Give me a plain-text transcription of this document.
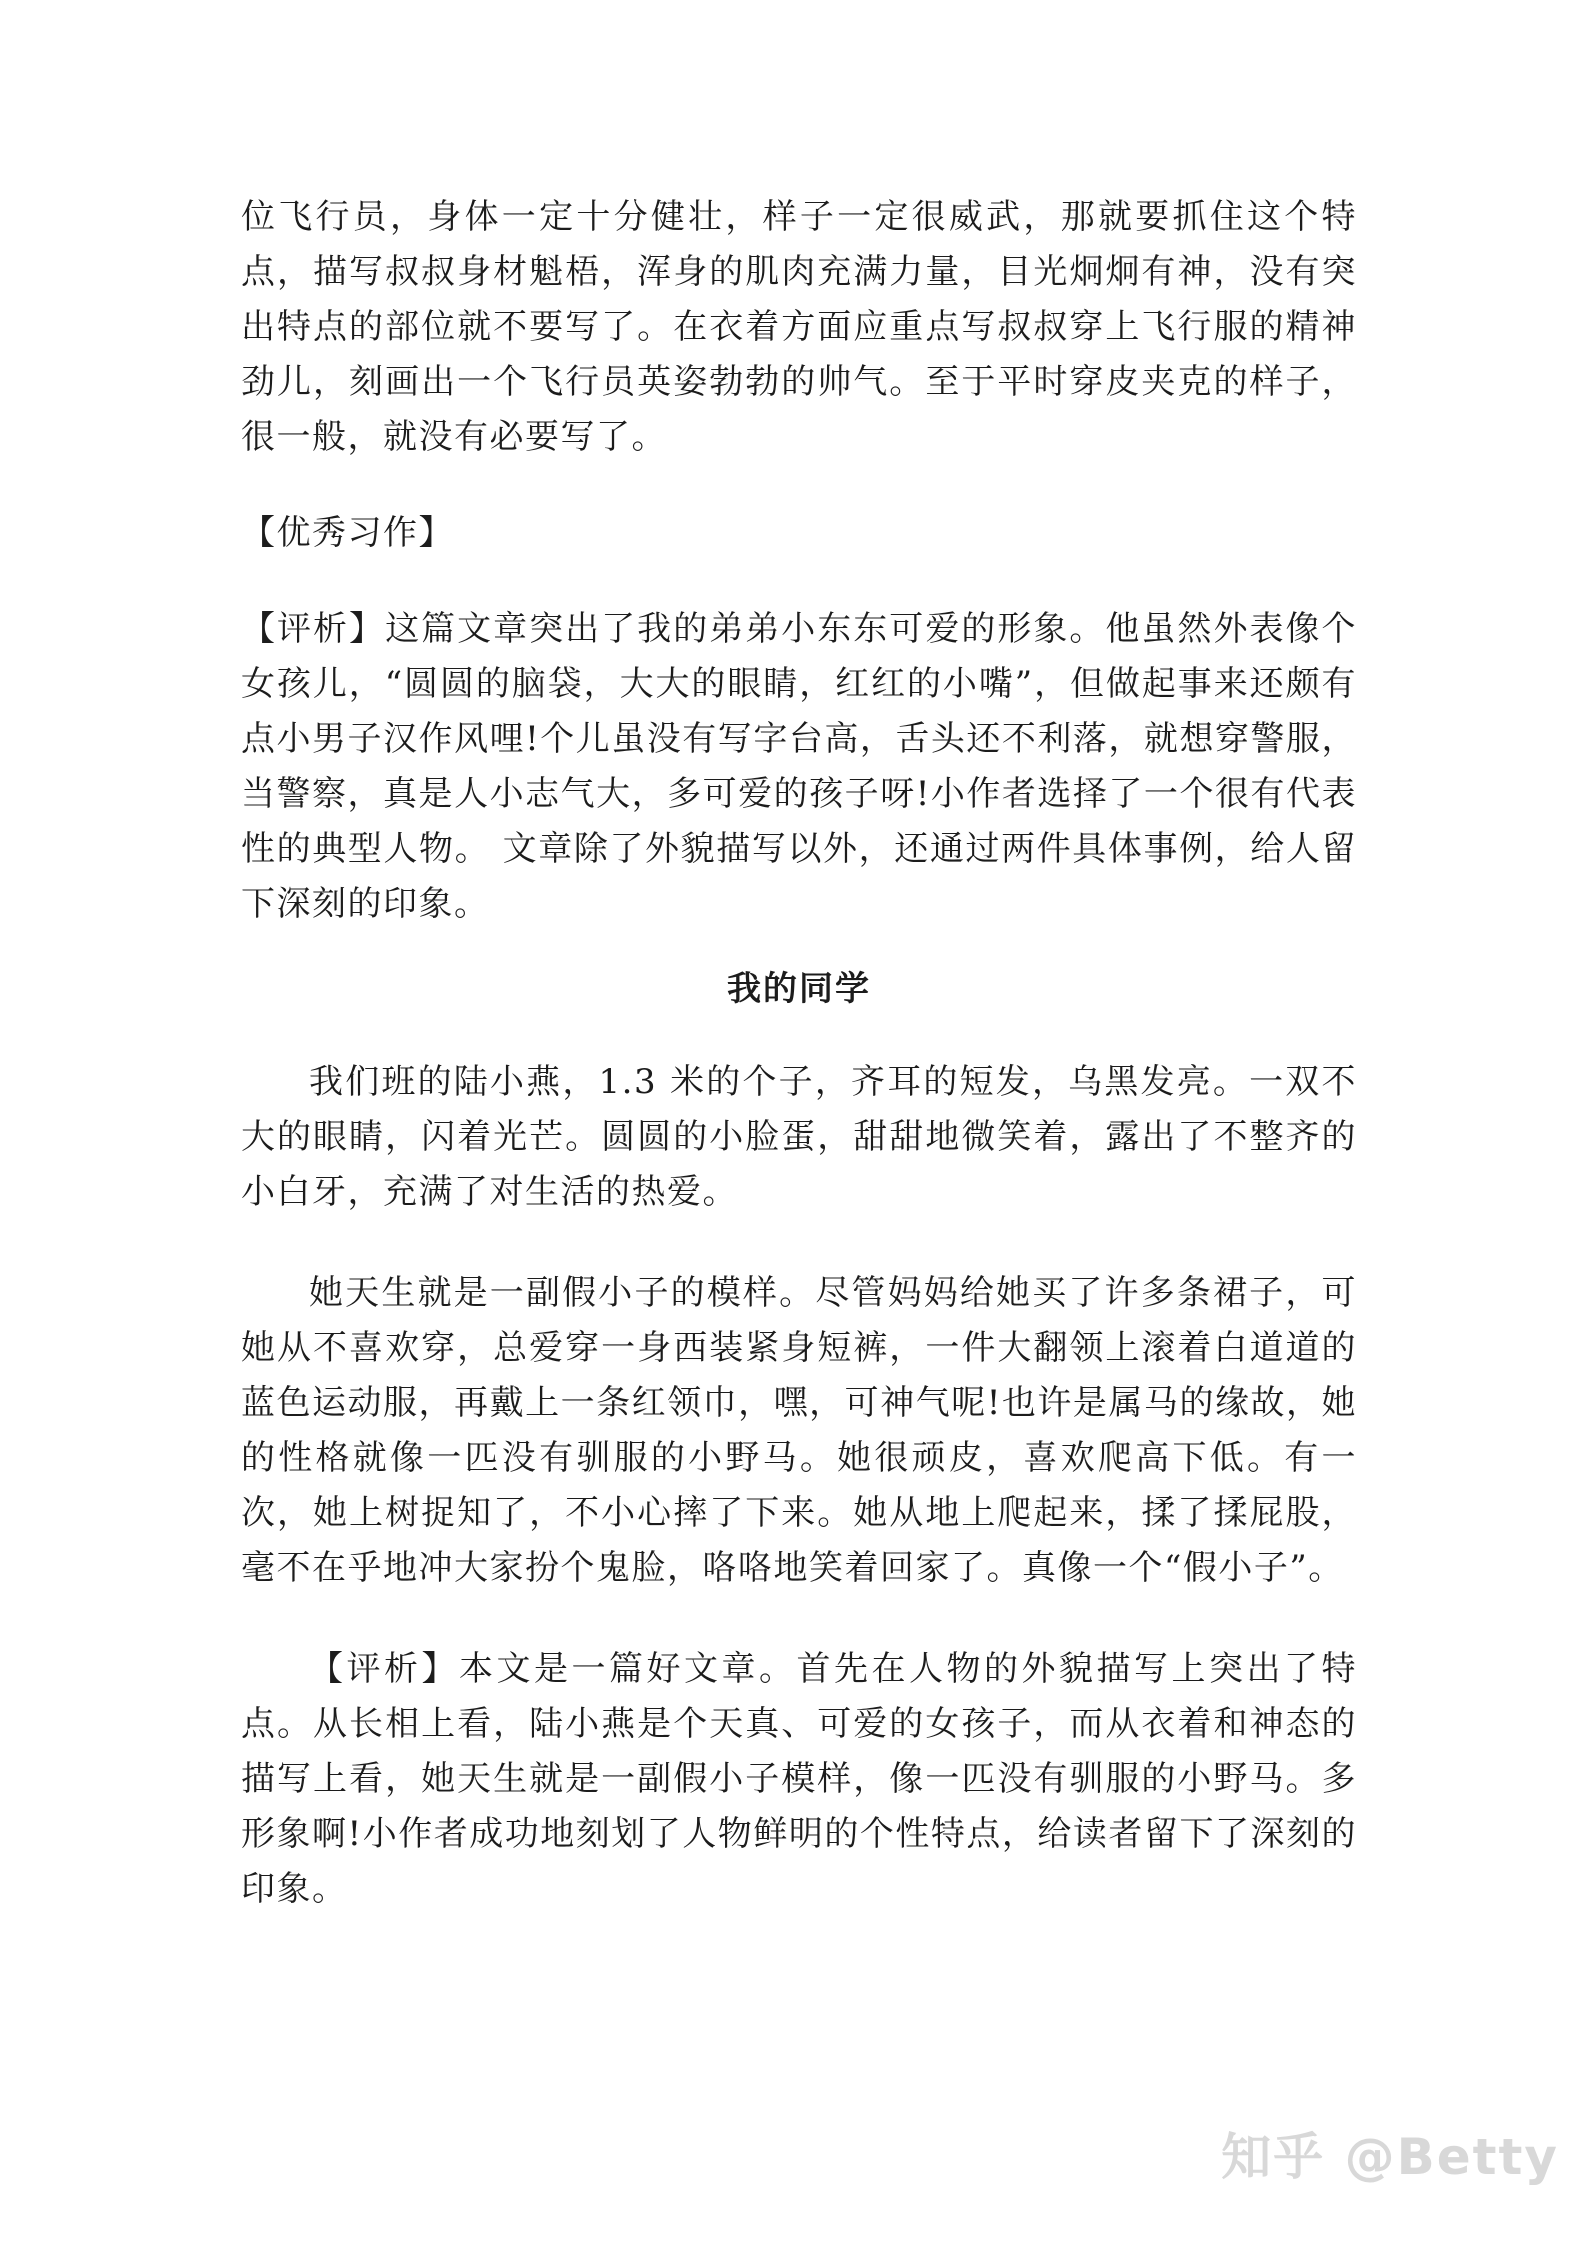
位飞行员，身体一定十分健壮，样子一定很威武，那就要抓住这个特点，描写叔叔身材魁梧，浑身的肌肉充满力量，目光炯炯有神，没有突出特点的部位就不要写了。在衣着方面应重点写叔叔穿上飞行服的精神劲儿，刻画出一个飞行员英姿勃勃的帅气。至于平时穿皮夹克的样子，很一般，就没有必要写了。

【优秀习作】

【评析】这篇文章突出了我的弟弟小东东可爱的形象。他虽然外表像个女孩儿，“圆圆的脑袋，大大的眼睛，红红的小嘴”，但做起事来还颇有点小男子汉作风哩!个儿虽没有写字台高，舌头还不利落，就想穿警服，当警察，真是人小志气大，多可爱的孩子呀!小作者选择了一个很有代表性的典型人物。 文章除了外貌描写以外，还通过两件具体事例，给人留下深刻的印象。

我的同学

我们班的陆小燕，1.3 米的个子，齐耳的短发，乌黑发亮。一双不大的眼睛，闪着光芒。圆圆的小脸蛋，甜甜地微笑着，露出了不整齐的小白牙，充满了对生活的热爱。

她天生就是一副假小子的模样。尽管妈妈给她买了许多条裙子，可她从不喜欢穿，总爱穿一身西装紧身短裤，一件大翻领上滚着白道道的蓝色运动服，再戴上一条红领巾，嘿，可神气呢!也许是属马的缘故，她的性格就像一匹没有驯服的小野马。她很顽皮，喜欢爬高下低。有一次，她上树捉知了，不小心摔了下来。她从地上爬起来，揉了揉屁股，毫不在乎地冲大家扮个鬼脸，咯咯地笑着回家了。真像一个“假小子”。

【评析】本文是一篇好文章。首先在人物的外貌描写上突出了特点。从长相上看，陆小燕是个天真、可爱的女孩子，而从衣着和神态的描写上看，她天生就是一副假小子模样，像一匹没有驯服的小野马。多形象啊!小作者成功地刻划了人物鲜明的个性特点，给读者留下了深刻的印象。

知乎 @Betty
